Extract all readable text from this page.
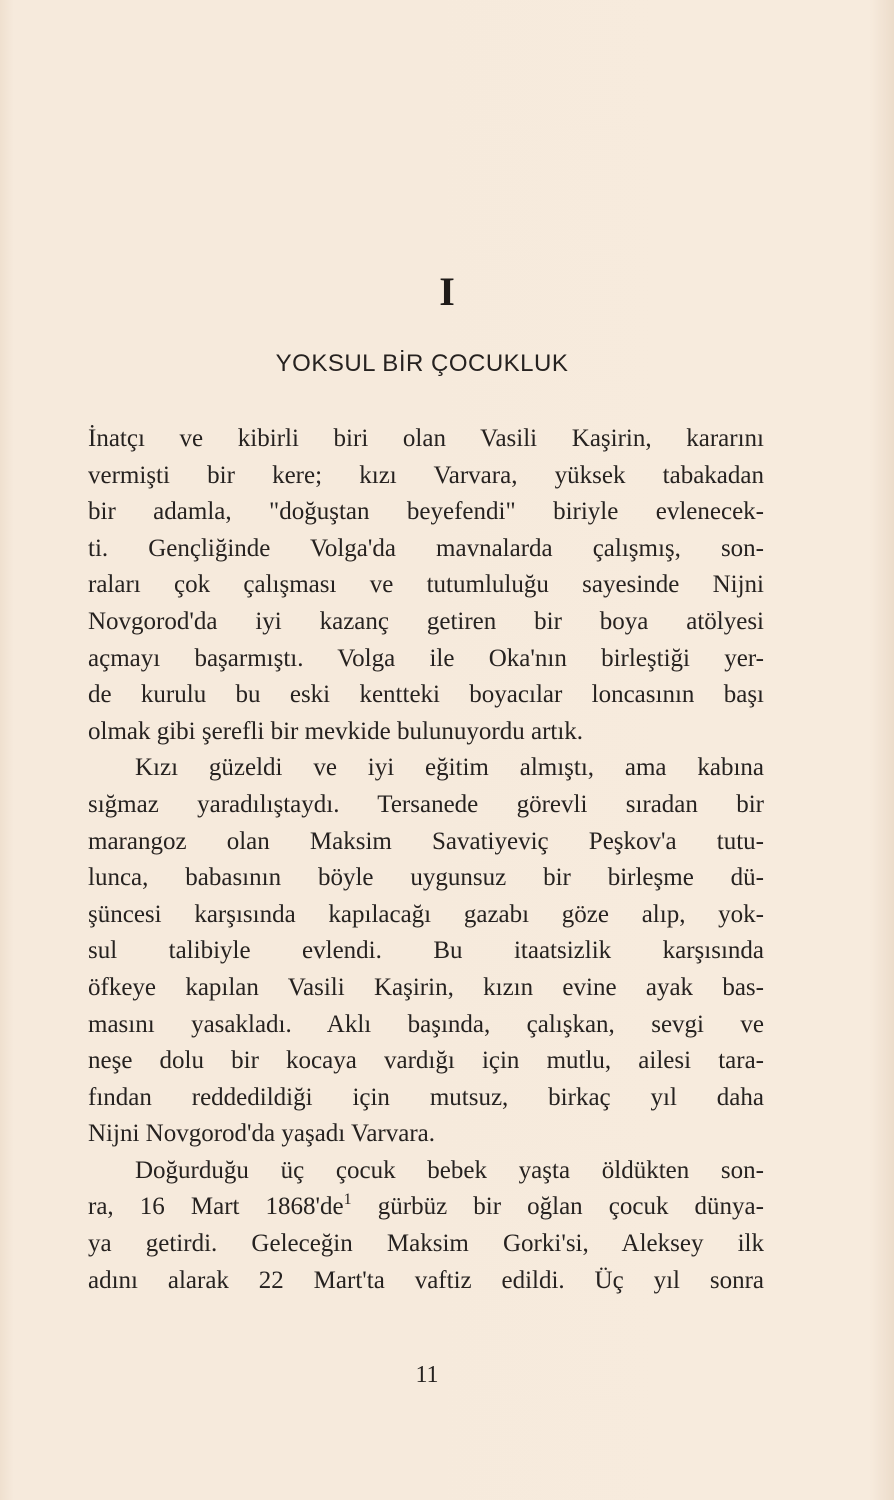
I
YOKSUL BİR ÇOCUKLUK
İnatçı ve kibirli biri olan Vasili Kaşirin, kararını
vermişti bir kere; kızı Varvara, yüksek tabakadan
bir adamla, "doğuştan beyefendi" biriyle evlenecek-
ti. Gençliğinde Volga'da mavnalarda çalışmış, son-
raları çok çalışması ve tutumluluğu sayesinde Nijni
Novgorod'da iyi kazanç getiren bir boya atölyesi
açmayı başarmıştı. Volga ile Oka'nın birleştiği yer-
de kurulu bu eski kentteki boyacılar loncasının başı
olmak gibi şerefli bir mevkide bulunuyordu artık.
Kızı güzeldi ve iyi eğitim almıştı, ama kabına
sığmaz yaradılıştaydı. Tersanede görevli sıradan bir
marangoz olan Maksim Savatiyeviç Peşkov'a tutu-
lunca, babasının böyle uygunsuz bir birleşme dü-
şüncesi karşısında kapılacağı gazabı göze alıp, yok-
sul talibiyle evlendi. Bu itaatsizlik karşısında
öfkeye kapılan Vasili Kaşirin, kızın evine ayak bas-
masını yasakladı. Aklı başında, çalışkan, sevgi ve
neşe dolu bir kocaya vardığı için mutlu, ailesi tara-
fından reddedildiği için mutsuz, birkaç yıl daha
Nijni Novgorod'da yaşadı Varvara.
Doğurduğu üç çocuk bebek yaşta öldükten son-
ra, 16 Mart $1868'de^1$ gürbüz bir oğlan çocuk dünya-
ya getirdi. Geleceğin Maksim Gorki'si, Aleksey ilk
adını alarak 22 Mart'ta vaftiz edildi. Üç yıl sonra
11
